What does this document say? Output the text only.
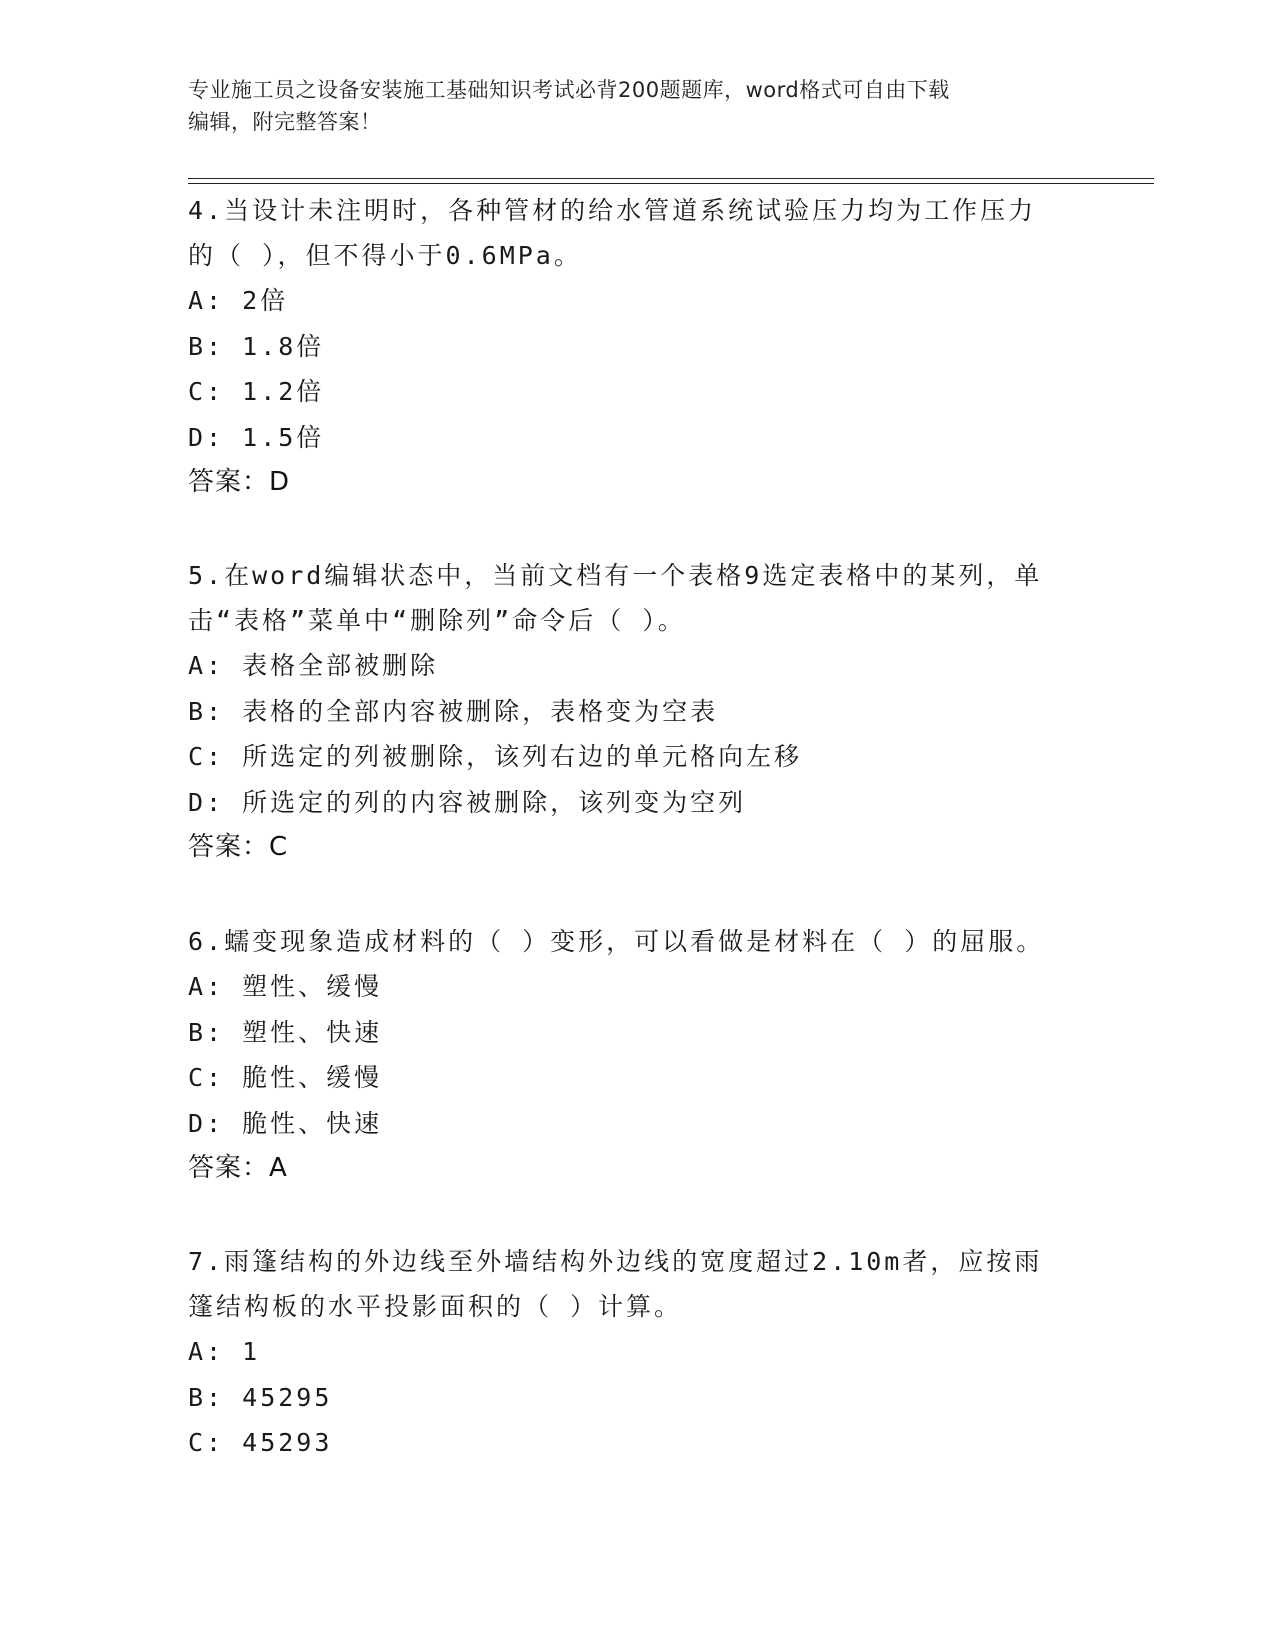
专业施工员之设备安装施工基础知识考试必背200题题库，word格式可自由下载
编辑，附完整答案！
4.当设计未注明时，各种管材的给水管道系统试验压力均为工作压力
的（ ），但不得小于0.6MPa。
A: 2倍
B: 1.8倍
C: 1.2倍
D: 1.5倍
答案：D
5.在word编辑状态中，当前文档有一个表格9选定表格中的某列，单
击“表格”菜单中“删除列”命令后（ ）。
A: 表格全部被删除
B: 表格的全部内容被删除，表格变为空表
C: 所选定的列被删除，该列右边的单元格向左移
D: 所选定的列的内容被删除，该列变为空列
答案：C
6.蠕变现象造成材料的（ ）变形，可以看做是材料在（ ）的屈服。
A: 塑性、缓慢
B: 塑性、快速
C: 脆性、缓慢
D: 脆性、快速
答案：A
7.雨篷结构的外边线至外墙结构外边线的宽度超过2.10m者，应按雨
篷结构板的水平投影面积的（ ）计算。
A: 1
B: 45295
C: 45293
